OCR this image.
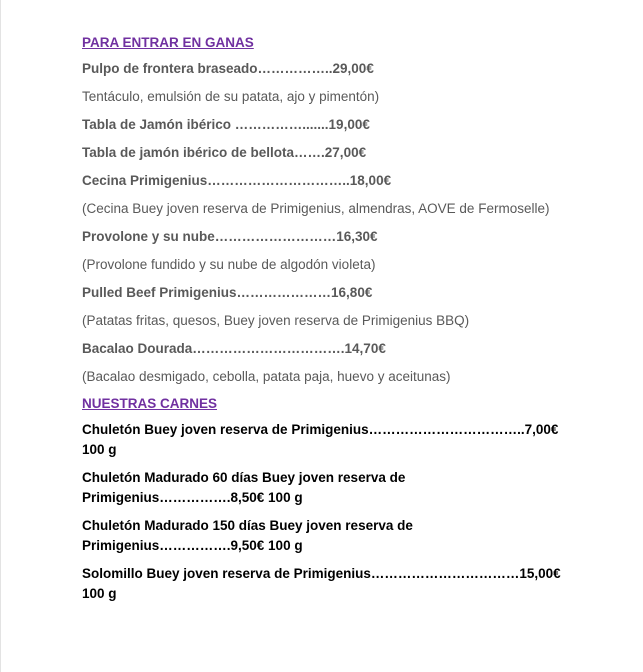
PARA ENTRAR EN GANAS

Pulpo de frontera braseado……………..29,00€

Tentáculo, emulsión de su patata, ajo y pimentón)

Tabla de Jamón ibérico …………….......19,00€

Tabla de jamón ibérico de bellota…….27,00€

Cecina Primigenius…………………………..18,00€

(Cecina Buey joven reserva de Primigenius, almendras, AOVE de Fermoselle)

Provolone y su nube………………………16,30€

(Provolone fundido y su nube de algodón violeta)

Pulled Beef Primigenius…………………16,80€

(Patatas fritas, quesos, Buey joven reserva de Primigenius BBQ)

Bacalao Dourada…………………………….14,70€

(Bacalao desmigado, cebolla, patata paja, huevo y aceitunas)

NUESTRAS CARNES

Chuletón Buey joven reserva de Primigenius……………………………..7,00€ 100 g

Chuletón Madurado 60 días Buey joven reserva de Primigenius…………….8,50€ 100 g

Chuletón Madurado 150 días Buey joven reserva de Primigenius…………….9,50€ 100 g

Solomillo Buey joven reserva de Primigenius……………………………15,00€ 100 g
